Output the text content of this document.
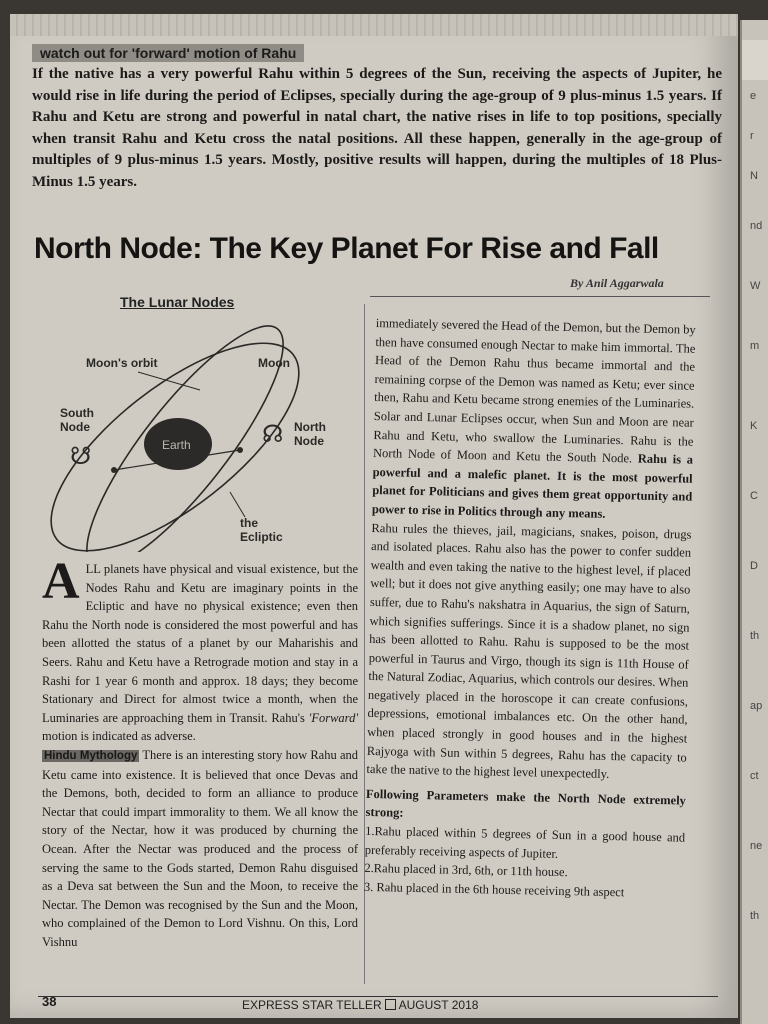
watch out for 'forward' motion of Rahu
If the native has a very powerful Rahu within 5 degrees of the Sun, receiving the aspects of Jupiter, he would rise in life during the period of Eclipses, specially during the age-group of 9 plus-minus 1.5 years. If Rahu and Ketu are strong and powerful in natal chart, the native rises in life to top positions, specially when transit Rahu and Ketu cross the natal positions. All these happen, generally in the age-group of multiples of 9 plus-minus 1.5 years. Mostly, positive results will happen, during the multiples of 18 Plus-Minus 1.5 years.
North Node: The Key Planet For Rise and Fall
By Anil Aggarwala
The Lunar Nodes
Earth
Moon's orbit	Moon
South Node	North Node
☊
☋
the Ecliptic
A LL planets have physical and visual existence, but the Nodes Rahu and Ketu are imaginary points in the Ecliptic and have no physical existence; even then Rahu the North node is considered the most powerful and has been allotted the status of a planet by our Maharishis and Seers. Rahu and Ketu have a Retrograde motion and stay in a Rashi for 1 year 6 month and approx. 18 days; they become Stationary and Direct for almost twice a month, when the Luminaries are approaching them in Transit. Rahu's 'Forward' motion is indicated as adverse.
Hindu Mythology There is an interesting story how Rahu and Ketu came into existence. It is believed that once Devas and the Demons, both, decided to form an alliance to produce Nectar that could impart immorality to them. We all know the story of the Nectar, how it was produced by churning the Ocean. After the Nectar was produced and the process of serving the same to the Gods started, Demon Rahu disguised as a Deva sat between the Sun and the Moon, to receive the Nectar. The Demon was recognised by the Sun and the Moon, who complained of the Demon to Lord Vishnu. On this, Lord Vishnu

immediately severed the Head of the Demon, but the Demon by then have consumed enough Nectar to make him immortal. The Head of the Demon Rahu thus became immortal and the remaining corpse of the Demon was named as Ketu; ever since then, Rahu and Ketu became strong enemies of the Luminaries. Solar and Lunar Eclipses occur, when Sun and Moon are near Rahu and Ketu, who swallow the Luminaries. Rahu is the North Node of Moon and Ketu the South Node. Rahu is a powerful and a malefic planet. It is the most powerful planet for Politicians and gives them great opportunity and power to rise in Politics through any means.

Rahu rules the thieves, jail, magicians, snakes, poison, drugs and isolated places. Rahu also has the power to confer sudden wealth and even taking the native to the highest level, if placed well; but it does not give anything easily; one may have to also suffer, due to Rahu's nakshatra in Aquarius, the sign of Saturn, which signifies sufferings. Since it is a shadow planet, no sign has been allotted to Rahu. Rahu is supposed to be the most powerful in Taurus and Virgo, though its sign is 11th House of the Natural Zodiac, Aquarius, which controls our desires. When negatively placed in the horoscope it can create confusions, depressions, emotional imbalances etc. On the other hand, when placed strongly in good houses and in the highest Rajyoga with Sun within 5 degrees, Rahu has the capacity to take the native to the highest level unexpectedly.

Following Parameters make the North Node extremely strong:

1.Rahu placed within 5 degrees of Sun in a good house and preferably receiving aspects of Jupiter.

2.Rahu placed in 3rd, 6th, or 11th house.

3. Rahu placed in the 6th house receiving 9th aspect

38	EXPRESS STAR TELLER AUGUST 2018
e
r
N
nd
W
m
K
C
D
th
ap
ct
ne
th
